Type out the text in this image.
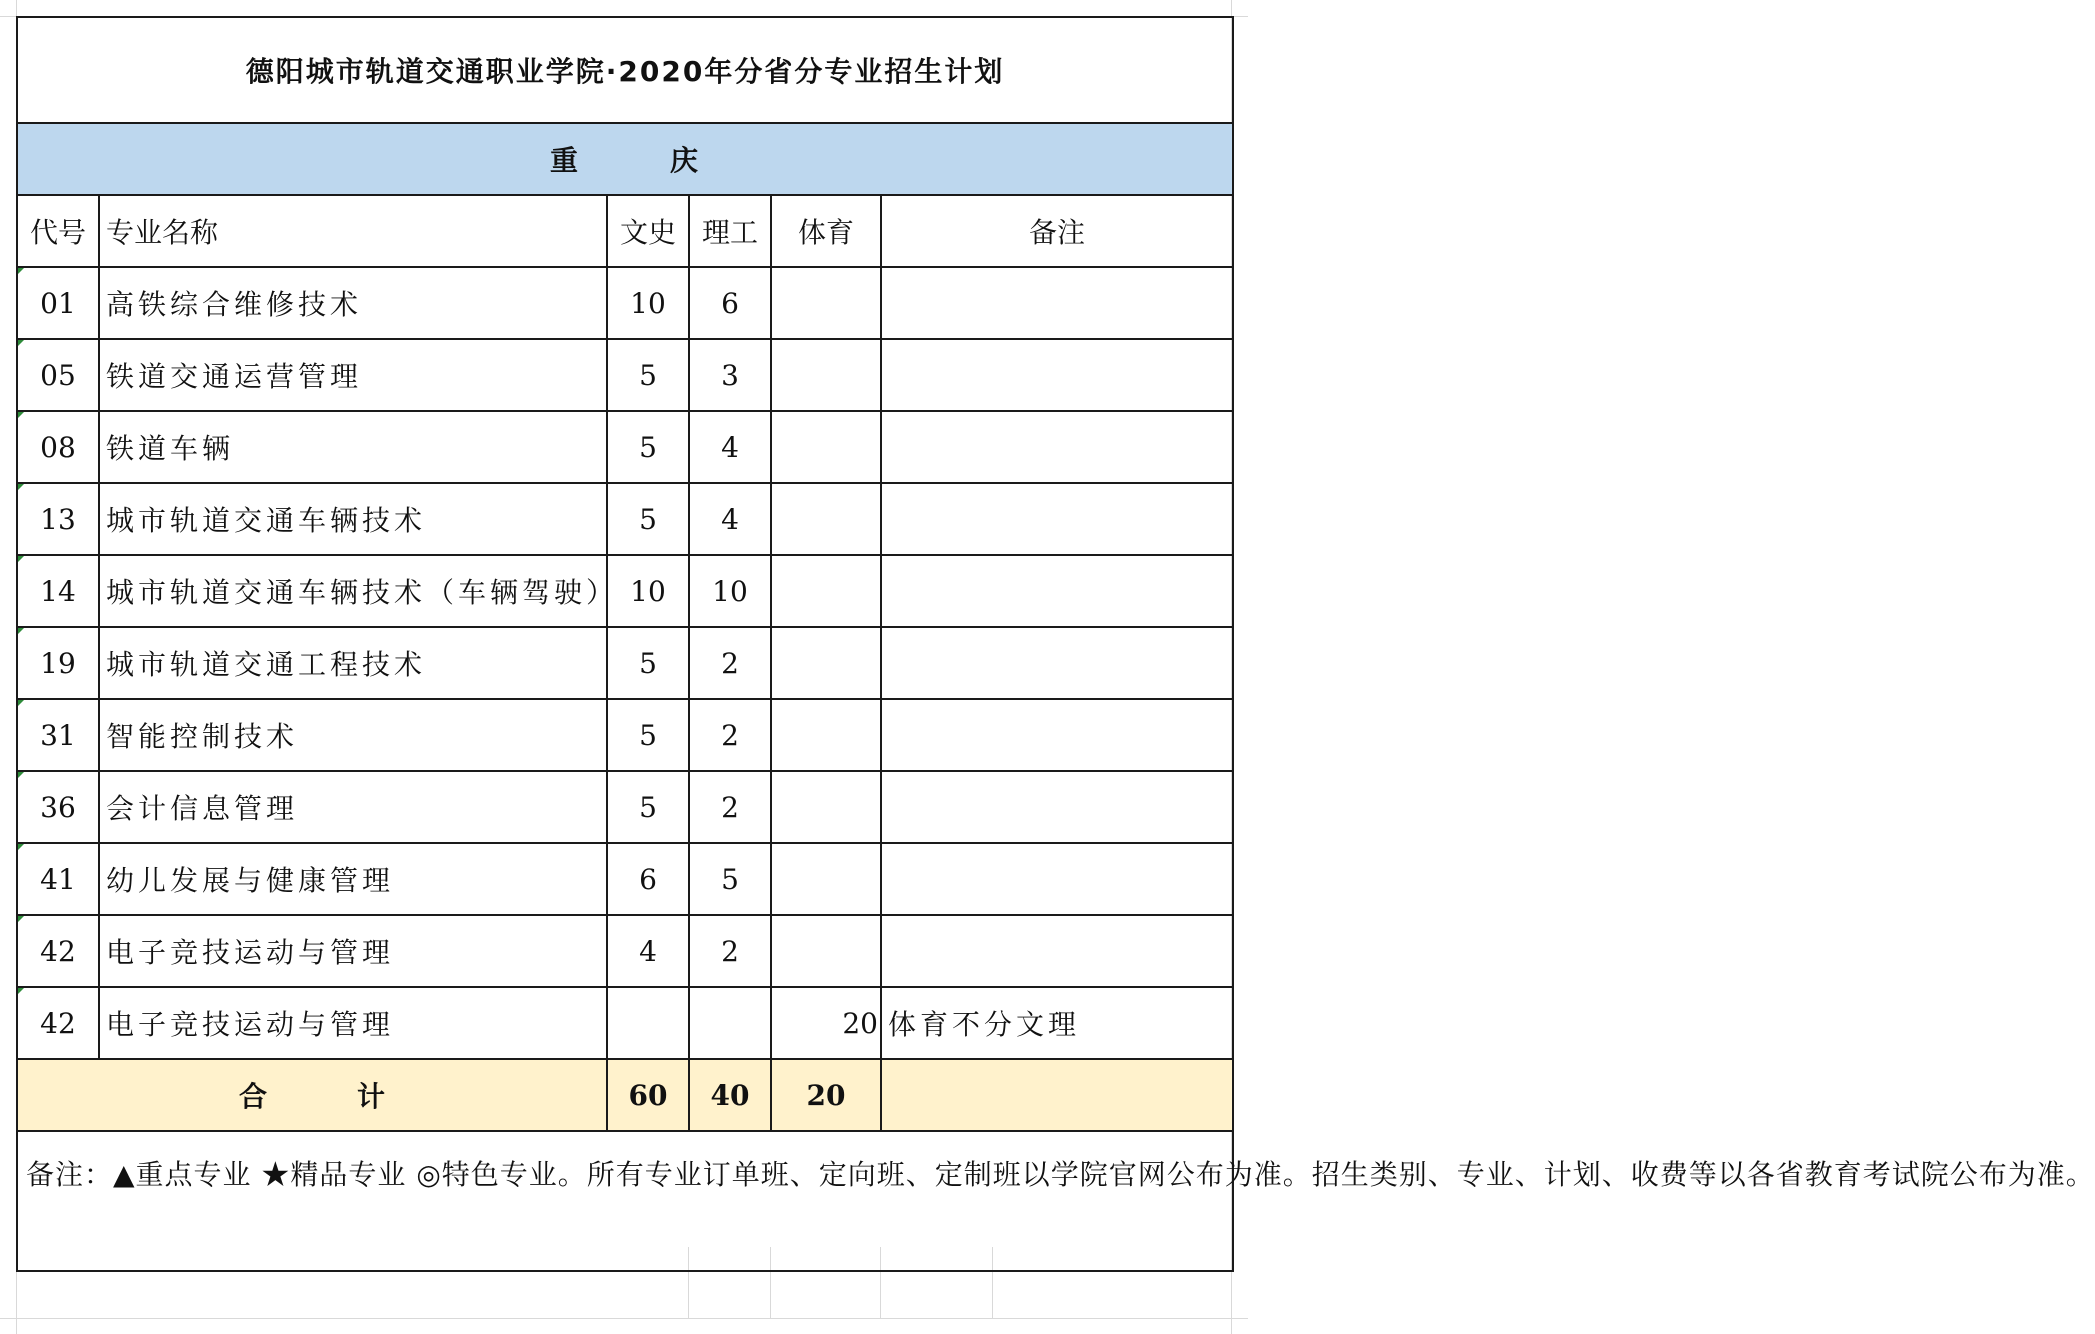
德阳城市轨道交通职业学院·2020年分省分专业招生计划					
重 庆					
代号	专业名称	文史	理工	体育	备注
01	高铁综合维修技术	10	6		
05	铁道交通运营管理	5	3		
08	铁道车辆	5	4		
13	城市轨道交通车辆技术	5	4		
14	城市轨道交通车辆技术（车辆驾驶）	10	10		
19	城市轨道交通工程技术	5	2		
31	智能控制技术	5	2		
36	会计信息管理	5	2		
41	幼儿发展与健康管理	6	5		
42	电子竞技运动与管理	4	2		
42	电子竞技运动与管理			20	体育不分文理
合 计		60	40	20	
备注：▲重点专业 ★精品专业 ◎特色专业。所有专业订单班、定向班、定制班以学院官网公布为准。招生类别、专业、计划、收费等以各省教育考试院公布为准。					
